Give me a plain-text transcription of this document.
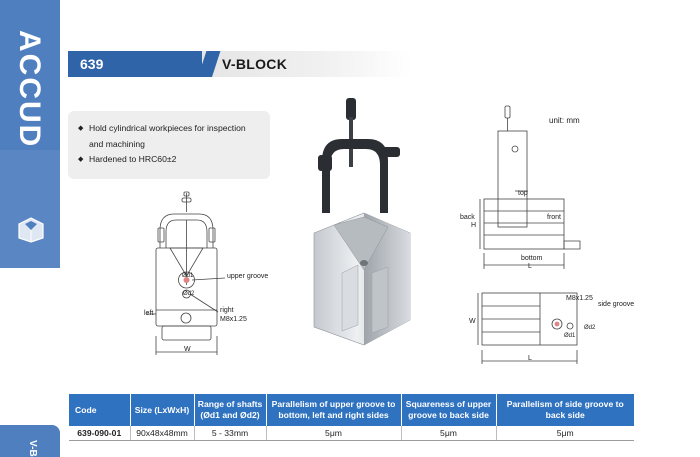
ACCUD
V-B
639	V-BLOCK
◆ Hold cylindrical workpieces for inspection and machining
◆ Hardened to HRC60±2
unit: mm
Ød1
Ød2
upper groove
left	right
M8x1.25
W
top
back	front
H
bottom
L
M8x1.25
side groove
Ød2
Ød1
W
L
Code	Size (LxWxH)	Range of shafts (Ød1 and Ød2)	Parallelism of upper groove to bottom, left and right sides	Squareness of upper groove to back side	Parallelism of side groove to back side
639-090-01	90x48x48mm	5 - 33mm	5μm	5μm	5μm
